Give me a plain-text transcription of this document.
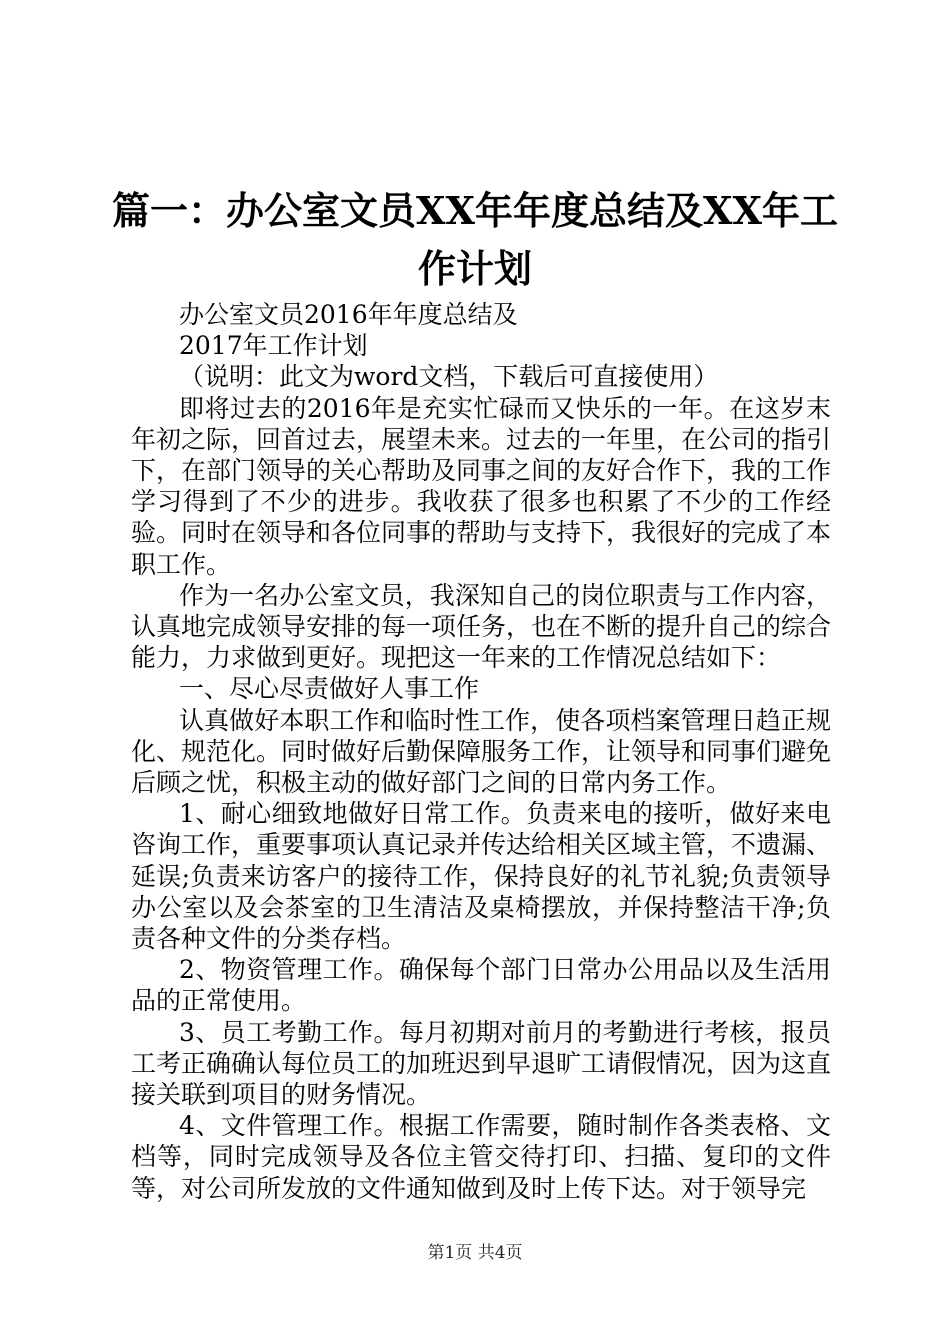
篇一：办公室文员XX年年度总结及XX年工作计划

办公室文员2016年年度总结及

2017年工作计划

（说明：此文为word文档，下载后可直接使用）

即将过去的2016年是充实忙碌而又快乐的一年。在这岁末年初之际，回首过去，展望未来。过去的一年里，在公司的指引下，在部门领导的关心帮助及同事之间的友好合作下，我的工作学习得到了不少的进步。我收获了很多也积累了不少的工作经验。同时在领导和各位同事的帮助与支持下，我很好的完成了本职工作。

作为一名办公室文员，我深知自己的岗位职责与工作内容，认真地完成领导安排的每一项任务，也在不断的提升自己的综合能力，力求做到更好。现把这一年来的工作情况总结如下：

一、尽心尽责做好人事工作

认真做好本职工作和临时性工作，使各项档案管理日趋正规化、规范化。同时做好后勤保障服务工作，让领导和同事们避免后顾之忧，积极主动的做好部门之间的日常内务工作。

1、耐心细致地做好日常工作。负责来电的接听，做好来电咨询工作，重要事项认真记录并传达给相关区域主管，不遗漏、延误;负责来访客户的接待工作，保持良好的礼节礼貌;负责领导办公室以及会茶室的卫生清洁及桌椅摆放，并保持整洁干净;负责各种文件的分类存档。

2、物资管理工作。确保每个部门日常办公用品以及生活用品的正常使用。

3、员工考勤工作。每月初期对前月的考勤进行考核，报员工考正确确认每位员工的加班迟到早退旷工请假情况，因为这直接关联到项目的财务情况。

4、文件管理工作。根据工作需要，随时制作各类表格、文档等，同时完成领导及各位主管交待打印、扫描、复印的文件等，对公司所发放的文件通知做到及时上传下达。对于领导完

第1页 共4页
